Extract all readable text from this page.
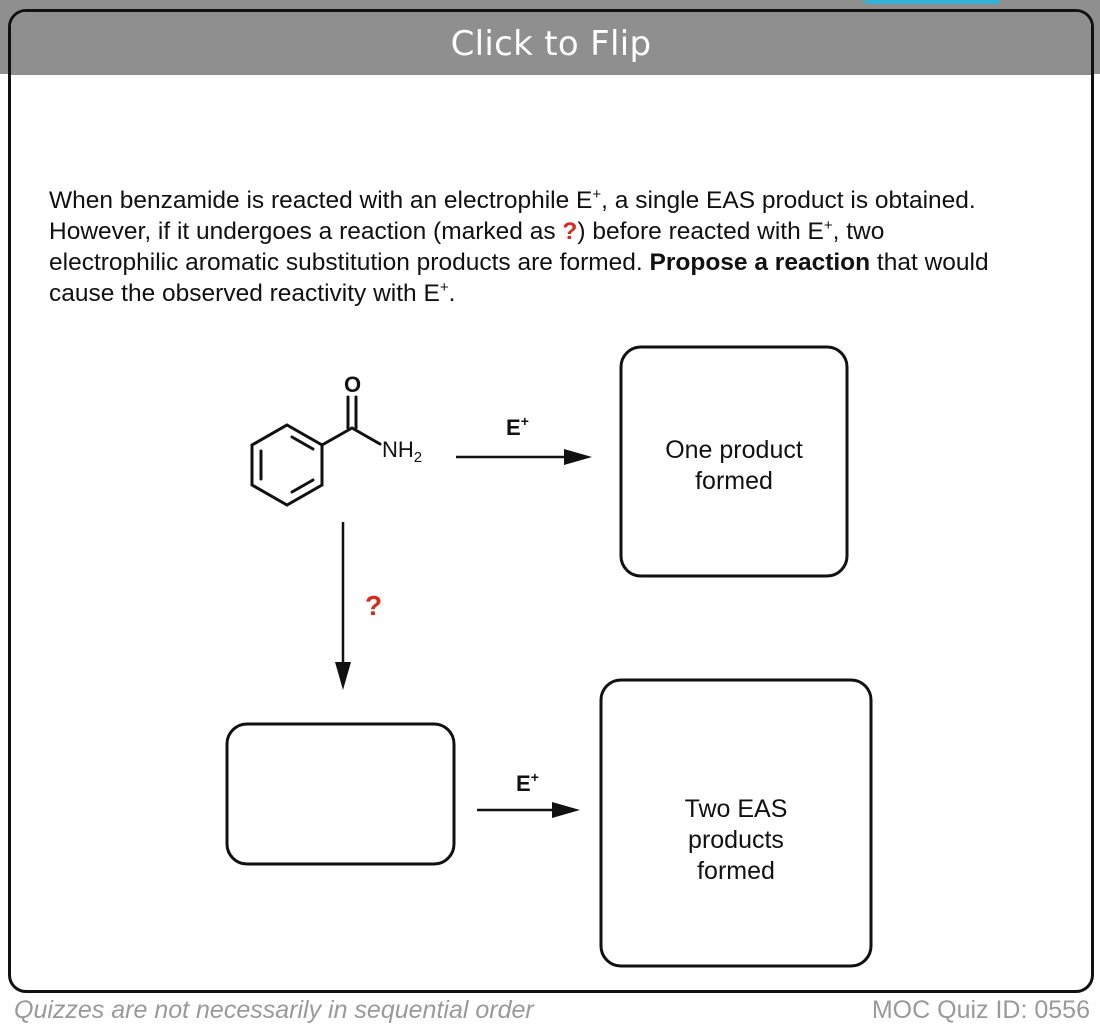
Click to Flip
When benzamide is reacted with an electrophile E+, a single EAS product is obtained. However, if it undergoes a reaction (marked as ?) before reacted with E+, two electrophilic aromatic substitution products are formed. Propose a reaction that would cause the observed reactivity with E+.
O
$NH_2$
E+
One product
formed
?
E+
Two EAS
products
formed
Quizzes are not necessarily in sequential order	MOC Quiz ID: 0556
